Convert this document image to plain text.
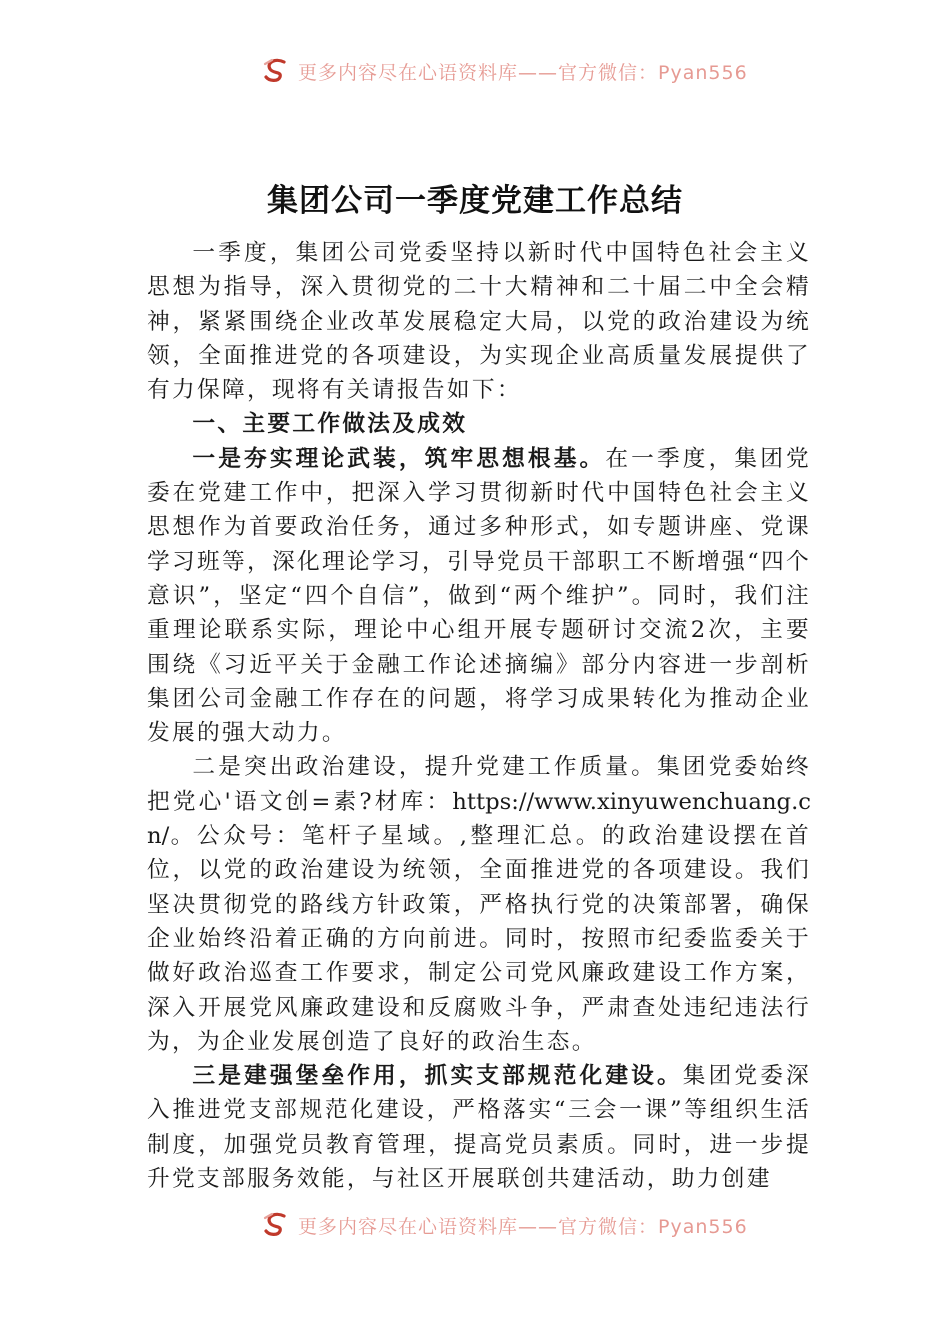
更多内容尽在心语资料库——官方微信：Pyan556
集团公司一季度党建工作总结

一季度，集团公司党委坚持以新时代中国特色社会主义思想为指导，深入贯彻党的二十大精神和二十届二中全会精神，紧紧围绕企业改革发展稳定大局，以党的政治建设为统领，全面推进党的各项建设，为实现企业高质量发展提供了有力保障，现将有关请报告如下：

一、主要工作做法及成效

一是夯实理论武装，筑牢思想根基。在一季度，集团党委在党建工作中，把深入学习贯彻新时代中国特色社会主义思想作为首要政治任务，通过多种形式，如专题讲座、党课学习班等，深化理论学习，引导党员干部职工不断增强“四个意识”，坚定“四个自信”，做到“两个维护”。同时，我们注重理论联系实际，理论中心组开展专题研讨交流2次，主要围绕《习近平关于金融工作论述摘编》部分内容进一步剖析集团公司金融工作存在的问题，将学习成果转化为推动企业发展的强大动力。

二是突出政治建设，提升党建工作质量。集团党委始终把党心'语文创=素?材库：https://www.xinyuwenchuang.cn/。公众号：笔杆子星域。,整理汇总。的政治建设摆在首位，以党的政治建设为统领，全面推进党的各项建设。我们坚决贯彻党的路线方针政策，严格执行党的决策部署，确保企业始终沿着正确的方向前进。同时，按照市纪委监委关于做好政治巡查工作要求，制定公司党风廉政建设工作方案，深入开展党风廉政建设和反腐败斗争，严肃查处违纪违法行为，为企业发展创造了良好的政治生态。

三是建强堡垒作用，抓实支部规范化建设。集团党委深入推进党支部规范化建设，严格落实“三会一课”等组织生活制度，加强党员教育管理，提高党员素质。同时，进一步提升党支部服务效能，与社区开展联创共建活动，助力创建

更多内容尽在心语资料库——官方微信：Pyan556
